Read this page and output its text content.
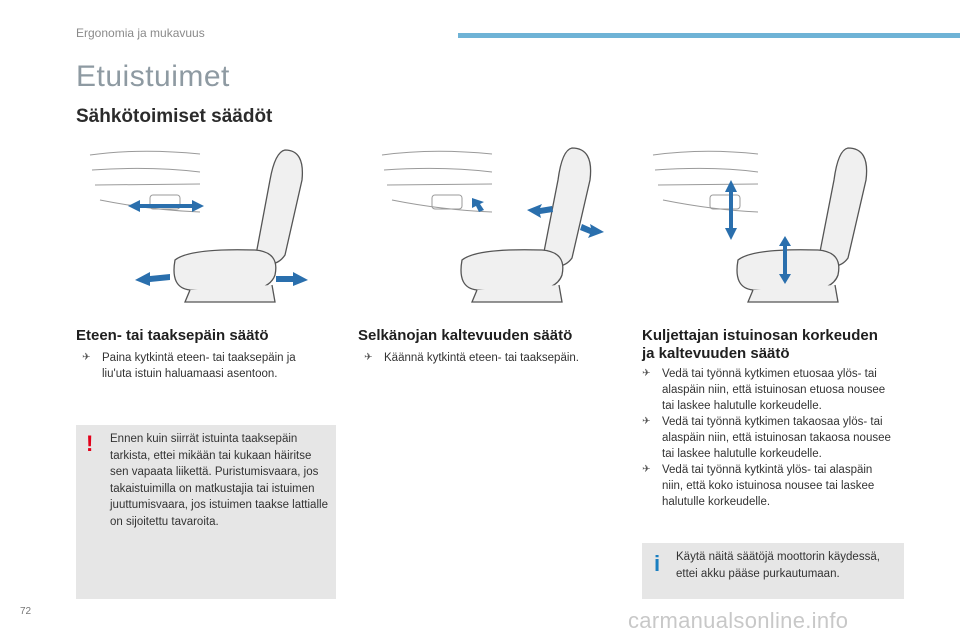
Ergonomia ja mukavuus
Etuistuimet
Sähkötoimiset säädöt
Eteen- tai taaksepäin säätö
✈ Paina kytkintä eteen- tai taaksepäin ja liu'uta istuin haluamaasi asentoon.
Selkänojan kaltevuuden säätö
✈ Käännä kytkintä eteen- tai taaksepäin.
Kuljettajan istuinosan korkeuden
ja kaltevuuden säätö
✈ Vedä tai työnnä kytkimen etuosaa ylös- tai alaspäin niin, että istuinosan etuosa nousee tai laskee halutulle korkeudelle.
✈ Vedä tai työnnä kytkimen takaosaa ylös- tai alaspäin niin, että istuinosan takaosa nousee tai laskee halutulle korkeudelle.
✈ Vedä tai työnnä kytkintä ylös- tai alaspäin niin, että koko istuinosa nousee tai laskee halutulle korkeudelle.
! Ennen kuin siirrät istuinta taaksepäin tarkista, ettei mikään tai kukaan häiritse sen vapaata liikettä. Puristumisvaara, jos takaistuimilla on matkustajia tai istuimen juuttumisvaara, jos istuimen taakse lattialle on sijoitettu tavaroita.
i Käytä näitä säätöjä moottorin käydessä, ettei akku pääse purkautumaan.
72	carmanualsonline.info
